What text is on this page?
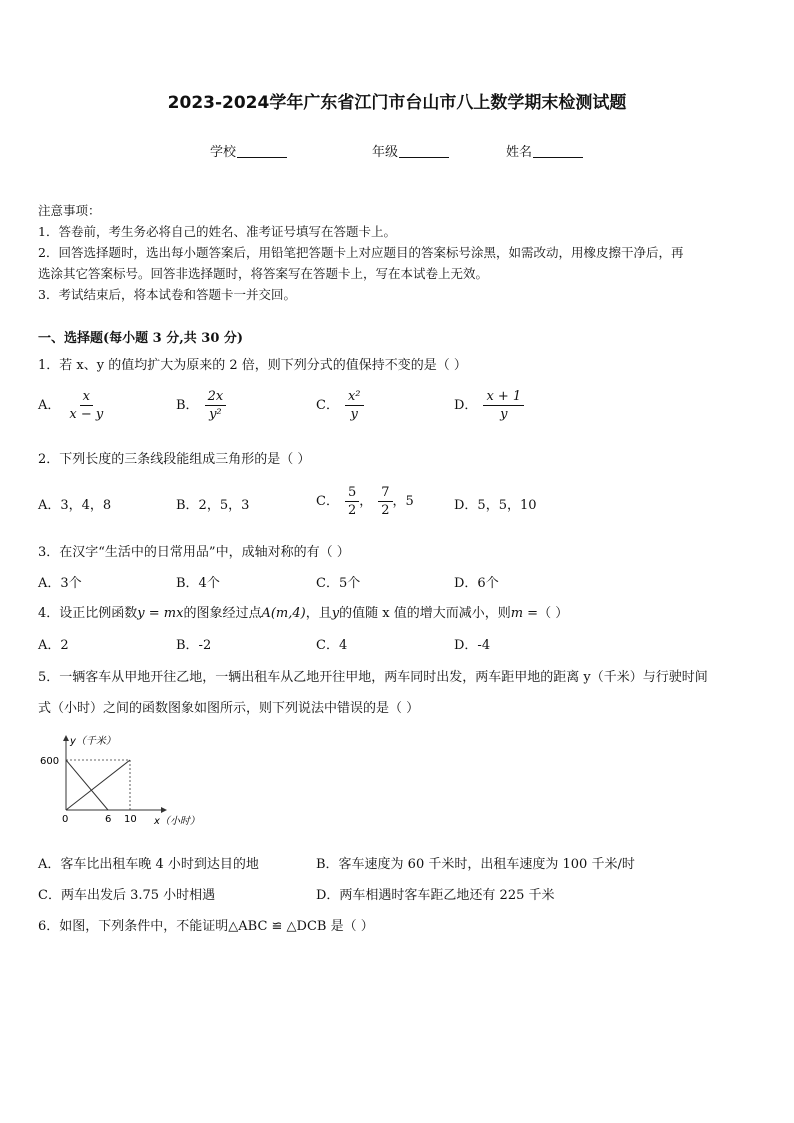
2023-2024学年广东省江门市台山市八上数学期末检测试题
学校	年级	姓名
注意事项：
1．答卷前，考生务必将自己的姓名、准考证号填写在答题卡上。
2．回答选择题时，选出每小题答案后，用铅笔把答题卡上对应题目的答案标号涂黑，如需改动，用橡皮擦干净后，再
选涂其它答案标号。回答非选择题时，将答案写在答题卡上，写在本试卷上无效。
3．考试结束后，将本试卷和答题卡一并交回。
一、选择题(每小题 3 分,共 30 分)
1．若 x、y 的值均扩大为原来的 2 倍，则下列分式的值保持不变的是（ ）
A． $\frac{x}{x - y}$	B． $\frac{2x}{\text{y²}}$	C． $\frac{\text{x²}}{y}$	D． $\frac{x + 1}{y}$
2．下列长度的三条线段能组成三角形的是（ ）
A．3，4，8	B．2，5，3	C． $\frac{5}{2}$ ， $\frac{7}{2}$ ，5	D．5，5，10
3．在汉字“生活中的日常用品”中，成轴对称的有（ ）
A．3个	B．4个	C．5个	D．6个
4．设正比例函数y = mx的图象经过点A(m,4)，且y的值随 x 值的增大而减小，则m =（ ）
A．2	B．-2	C．4	D．-4
5．一辆客车从甲地开往乙地，一辆出租车从乙地开往甲地，两车同时出发，两车距甲地的距离 y（千米）与行驶时间
式（小时）之间的函数图象如图所示，则下列说法中错误的是（ ）
y（千米）
600
0	6 10 x（小时）
A．客车比出租车晚 4 小时到达目的地	B．客车速度为 60 千米时，出租车速度为 100 千米/时
C．两车出发后 3.75 小时相遇	D．两车相遇时客车距乙地还有 225 千米
6．如图，下列条件中，不能证明△ABC ≌ △DCB 是（ ）
